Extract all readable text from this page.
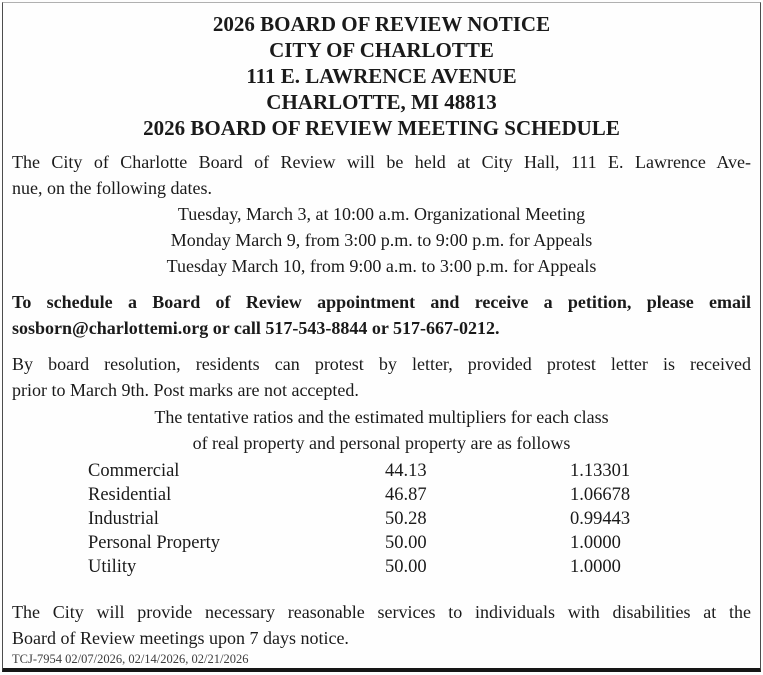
2026 BOARD OF REVIEW NOTICE
CITY OF CHARLOTTE
111 E. LAWRENCE AVENUE
CHARLOTTE, MI 48813
2026 BOARD OF REVIEW MEETING SCHEDULE
The City of Charlotte Board of Review will be held at City Hall, 111 E. Lawrence Ave-
nue, on the following dates.
Tuesday, March 3, at 10:00 a.m. Organizational Meeting
Monday March 9, from 3:00 p.m. to 9:00 p.m. for Appeals
Tuesday March 10, from 9:00 a.m. to 3:00 p.m. for Appeals
To schedule a Board of Review appointment and receive a petition, please email
sosborn@charlottemi.org or call 517-543-8844 or 517-667-0212.
By board resolution, residents can protest by letter, provided protest letter is received
prior to March 9th. Post marks are not accepted.
The tentative ratios and the estimated multipliers for each class
of real property and personal property are as follows
Commercial	44.13	1.13301
Residential	46.87	1.06678
Industrial	50.28	0.99443
Personal Property	50.00	1.0000
Utility	50.00	1.0000
The City will provide necessary reasonable services to individuals with disabilities at the
Board of Review meetings upon 7 days notice.
TCJ-7954 02/07/2026, 02/14/2026, 02/21/2026
